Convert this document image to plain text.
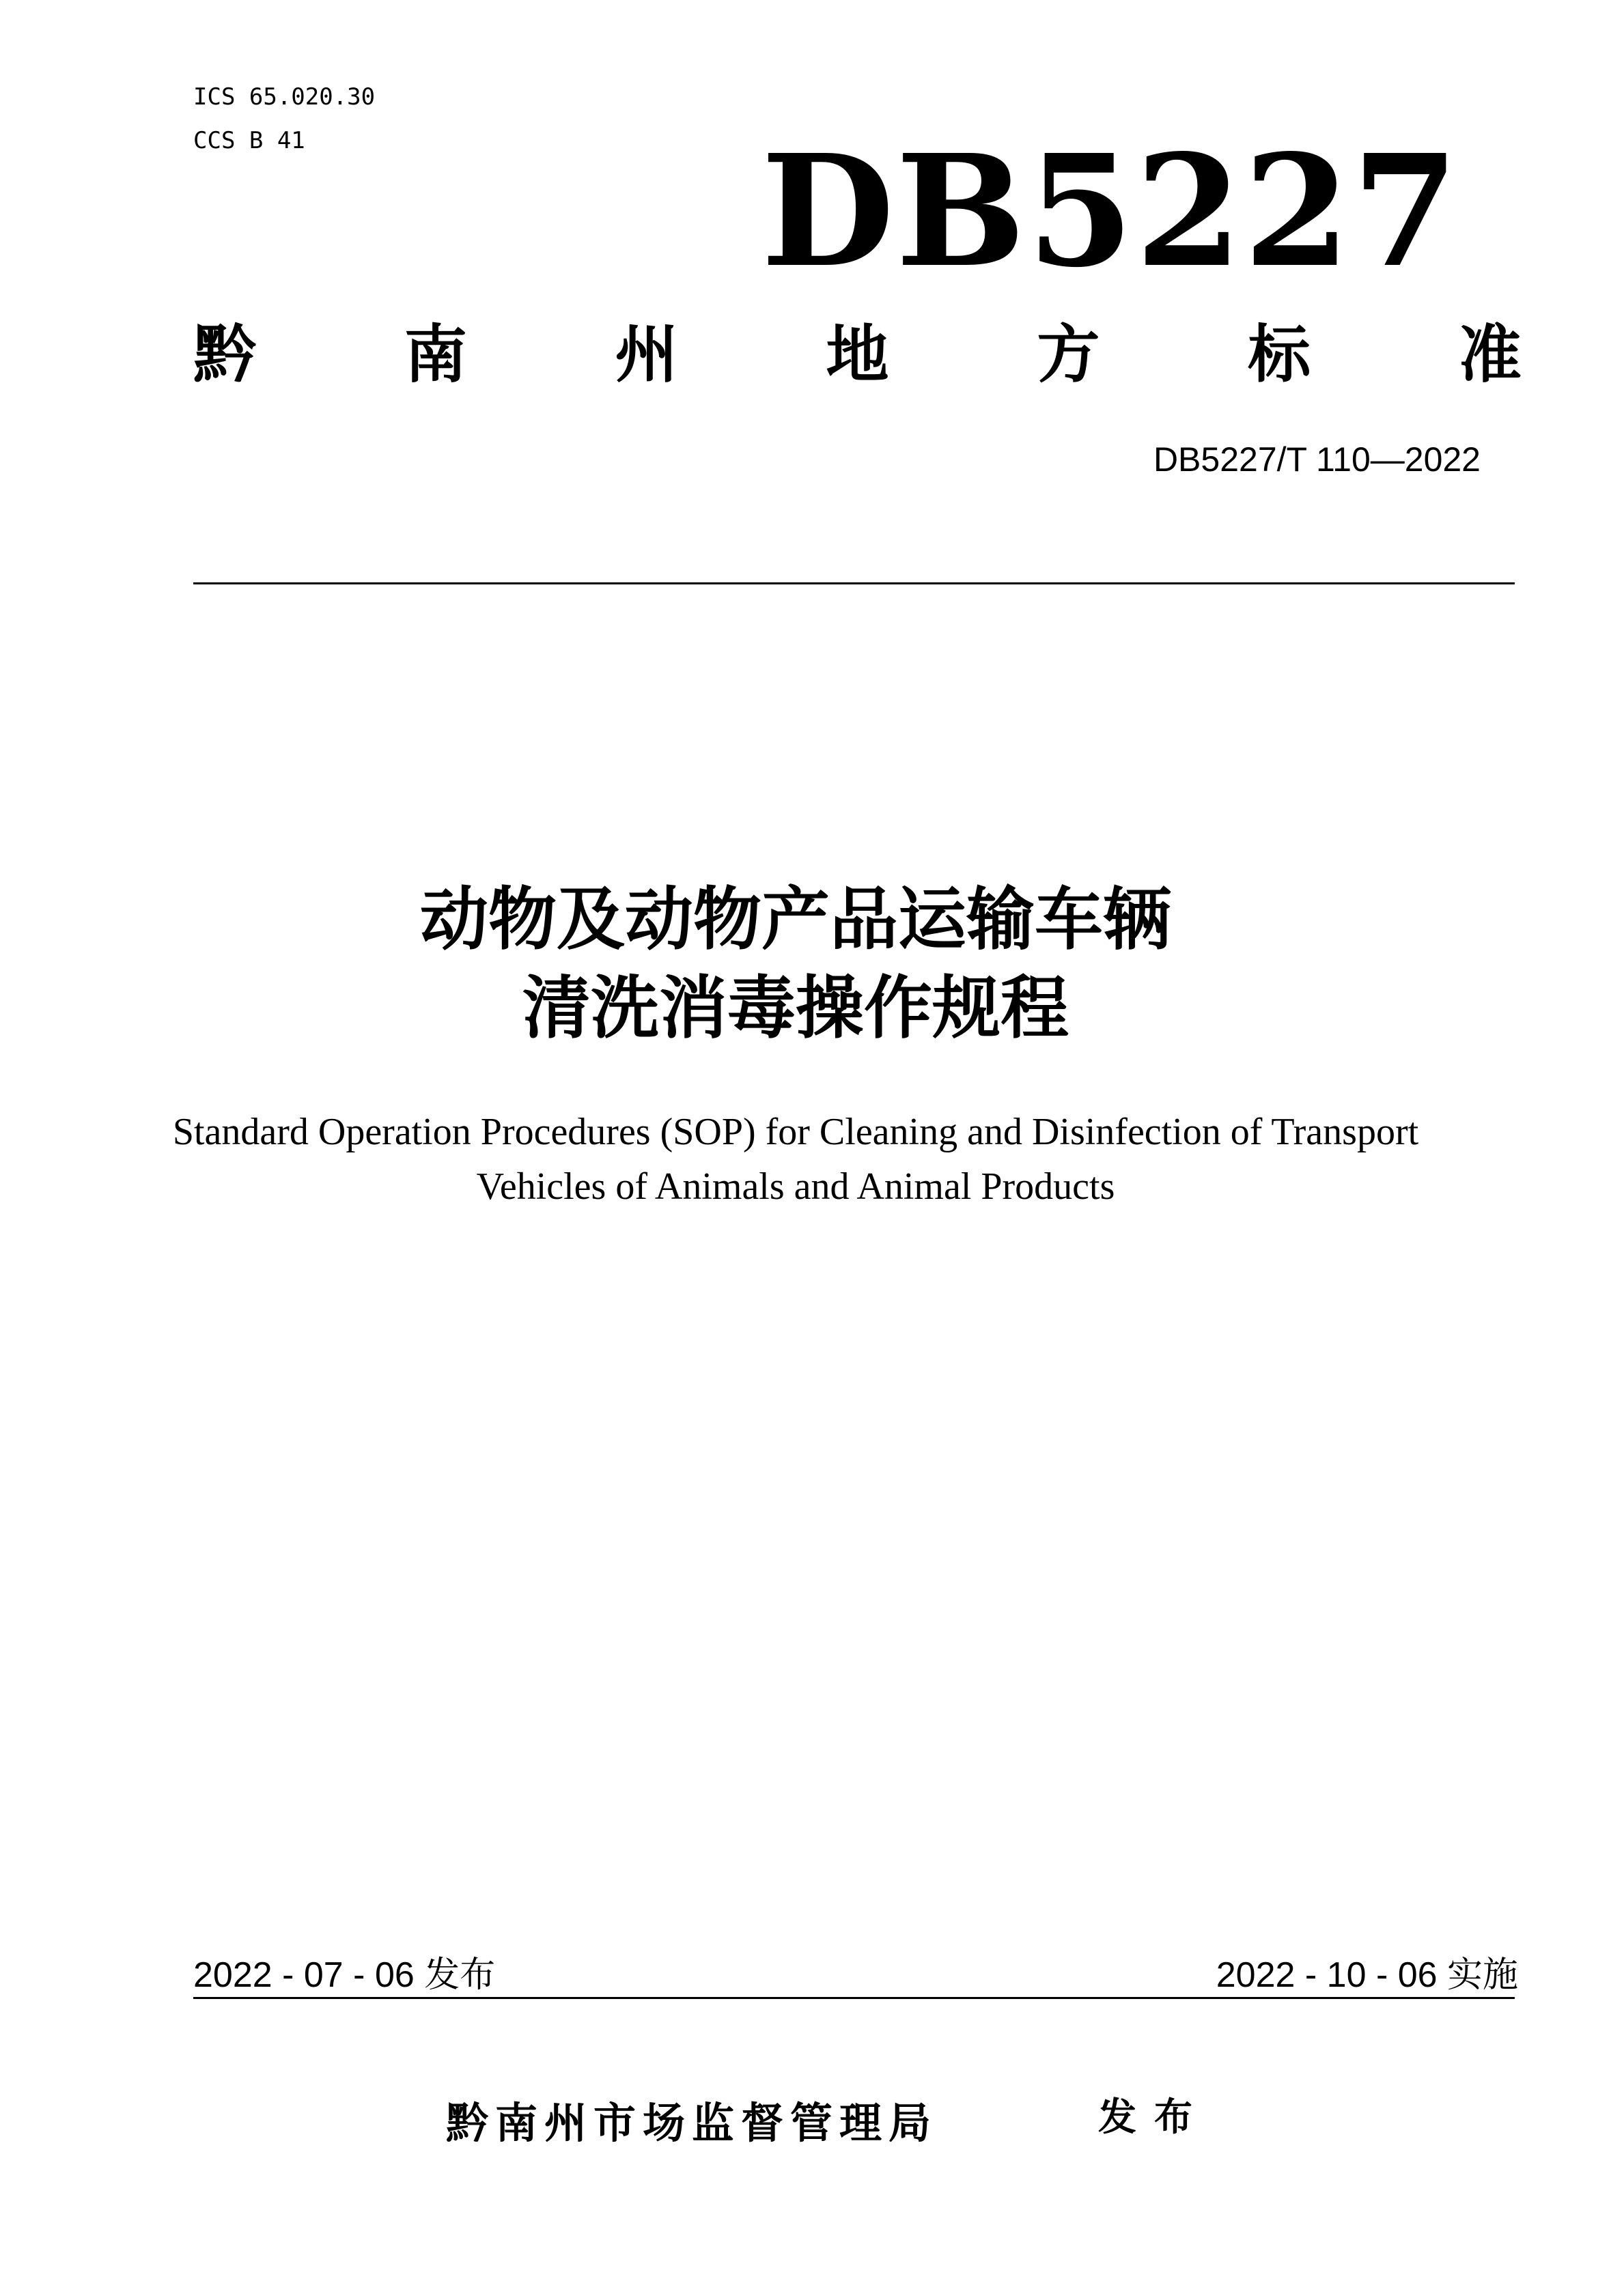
ICS 65.020.30
CCS B 41	DB5227
黔 南 州 地 方 标 准
DB5227/T 110—2022
动物及动物产品运输车辆
清洗消毒操作规程
Standard Operation Procedures (SOP) for Cleaning and Disinfection of Transport
Vehicles of Animals and Animal Products
2022 - 07 - 06 发布	2022 - 10 - 06 实施
黔南州市场监督管理局	发布
